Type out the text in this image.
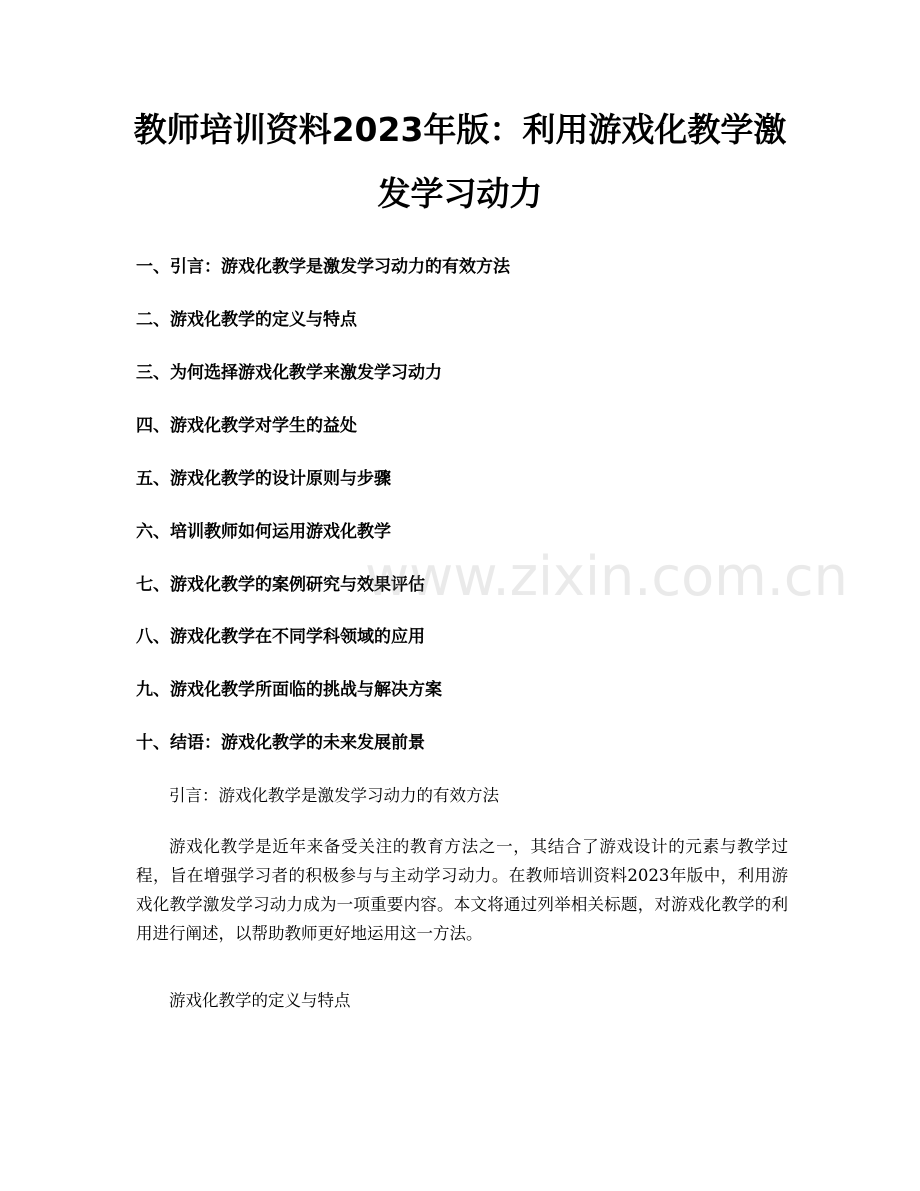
教师培训资料2023年版：利用游戏化教学激
发学习动力
一、引言：游戏化教学是激发学习动力的有效方法
二、游戏化教学的定义与特点
三、为何选择游戏化教学来激发学习动力
四、游戏化教学对学生的益处
五、游戏化教学的设计原则与步骤
六、培训教师如何运用游戏化教学
七、游戏化教学的案例研究与效果评估
八、游戏化教学在不同学科领域的应用
九、游戏化教学所面临的挑战与解决方案
十、结语：游戏化教学的未来发展前景

引言：游戏化教学是激发学习动力的有效方法

游戏化教学是近年来备受关注的教育方法之一，其结合了游戏设计的元素与教学过程，旨在增强学习者的积极参与与主动学习动力。在教师培训资料2023年版中，利用游戏化教学激发学习动力成为一项重要内容。本文将通过列举相关标题，对游戏化教学的利用进行阐述，以帮助教师更好地运用这一方法。

游戏化教学的定义与特点

www.zixin.com.cn
